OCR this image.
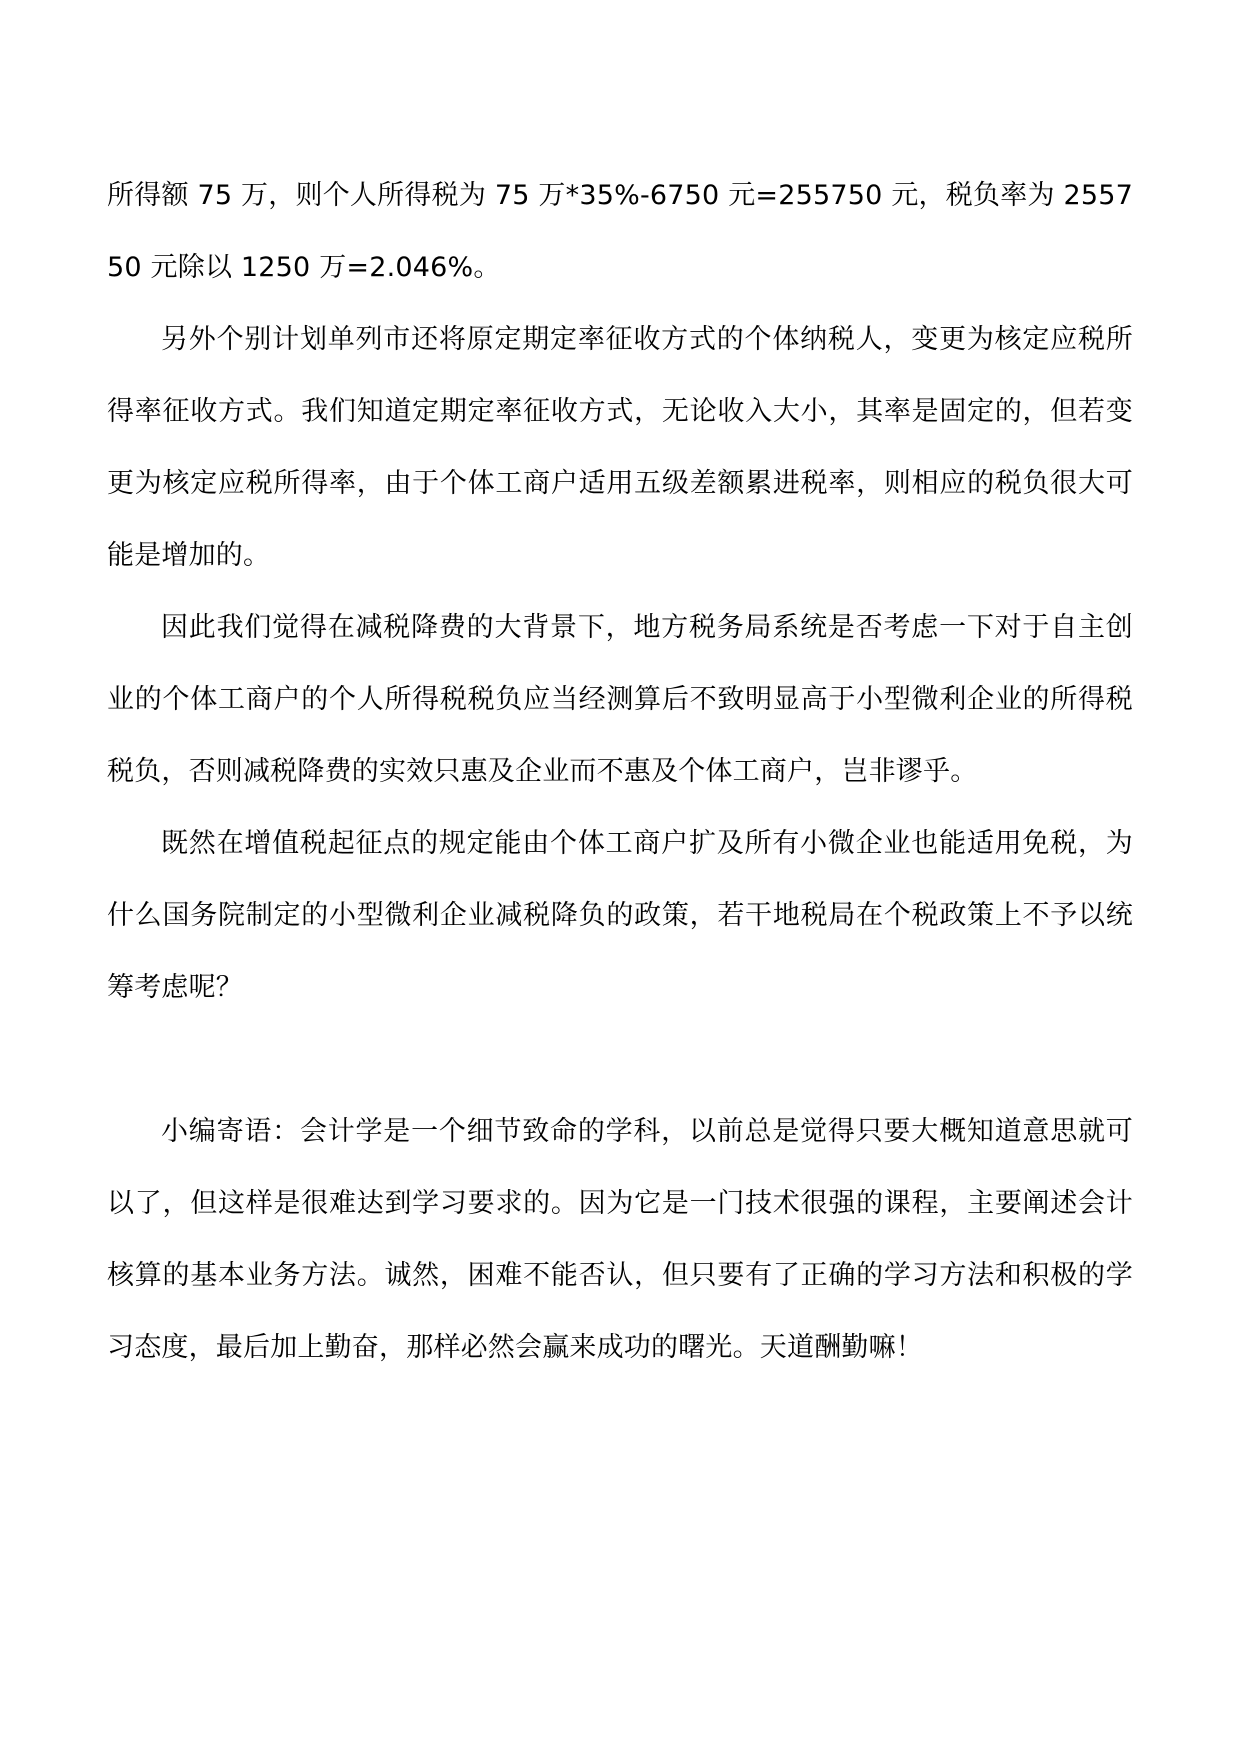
所得额 75 万，则个人所得税为 75 万*35%-6750 元=255750 元，税负率为 255750 元除以 1250 万=2.046%。

另外个别计划单列市还将原定期定率征收方式的个体纳税人，变更为核定应税所得率征收方式。我们知道定期定率征收方式，无论收入大小，其率是固定的，但若变更为核定应税所得率，由于个体工商户适用五级差额累进税率，则相应的税负很大可能是增加的。

因此我们觉得在减税降费的大背景下，地方税务局系统是否考虑一下对于自主创业的个体工商户的个人所得税税负应当经测算后不致明显高于小型微利企业的所得税税负，否则减税降费的实效只惠及企业而不惠及个体工商户，岂非谬乎。

既然在增值税起征点的规定能由个体工商户扩及所有小微企业也能适用免税，为什么国务院制定的小型微利企业减税降负的政策，若干地税局在个税政策上不予以统筹考虑呢？

小编寄语：会计学是一个细节致命的学科，以前总是觉得只要大概知道意思就可以了，但这样是很难达到学习要求的。因为它是一门技术很强的课程，主要阐述会计核算的基本业务方法。诚然，困难不能否认，但只要有了正确的学习方法和积极的学习态度，最后加上勤奋，那样必然会赢来成功的曙光。天道酬勤嘛！
